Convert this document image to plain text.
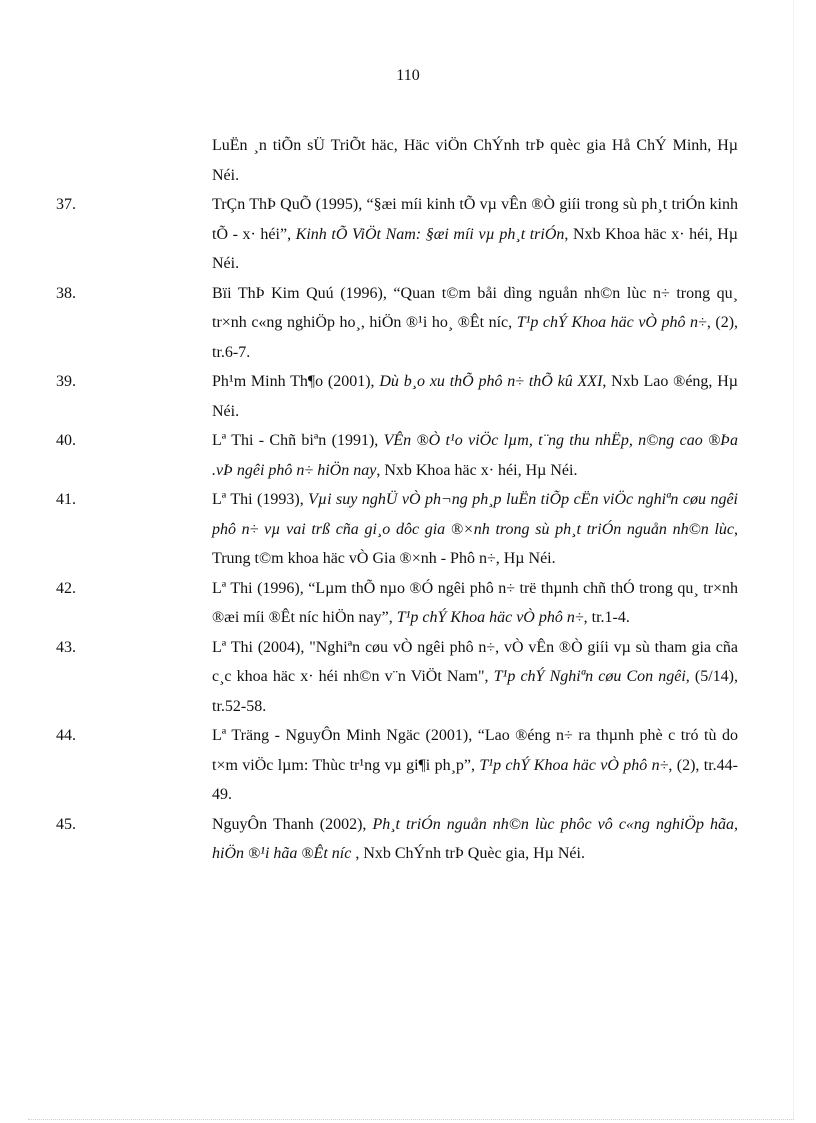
110
LuËn ¸n tiÕn sÜ TriÕt häc, Häc viÖn ChÝnh trÞ quèc gia Hå ChÝ Minh, Hµ Néi.
37.	TrÇn ThÞ QuÕ (1995), “§æi míi kinh tÕ vµ vÊn ®Ò giíi trong sù ph¸t triÓn kinh tÕ - x· héi”, Kinh tÕ ViÖt Nam: §æi míi vµ ph¸t triÓn, Nxb Khoa häc x· héi, Hµ Néi.
38.	Bïi ThÞ Kim Quú (1996), “Quan t©m båi dìng nguån nh©n lùc n÷ trong qu¸ tr×nh c«ng nghiÖp ho¸, hiÖn ®¹i ho¸ ®Êt níc, T¹p chÝ Khoa häc vÒ phô n÷, (2), tr.6-7.
39.	Ph¹m Minh Th¶o (2001), Dù b¸o xu thÕ phô n÷ thÕ kû XXI, Nxb Lao ®éng, Hµ Néi.
40.	Lª Thi - Chñ biªn (1991), VÊn ®Ò t¹o viÖc lµm, t¨ng thu nhËp, n©ng cao ®Þa .vÞ ngêi phô n÷ hiÖn nay, Nxb Khoa häc x· héi, Hµ Néi.
41.	Lª Thi (1993), Vµi suy nghÜ vÒ ph¬ng ph¸p luËn tiÕp cËn viÖc nghiªn cøu ngêi phô n÷ vµ vai trß cña gi¸o dôc gia ®×nh trong sù ph¸t triÓn nguån nh©n lùc, Trung t©m khoa häc vÒ Gia ®×nh - Phô n÷, Hµ Néi.
42.	Lª Thi (1996), “Lµm thÕ nµo ®Ó ngêi phô n÷ trë thµnh chñ thÓ trong qu¸ tr×nh ®æi míi ®Êt níc hiÖn nay”, T¹p chÝ Khoa häc vÒ phô n÷, tr.1-4.
43.	Lª Thi (2004), "Nghiªn cøu vÒ ngêi phô n÷, vÒ vÊn ®Ò giíi vµ sù tham gia cña c¸c khoa häc x· héi nh©n v¨n ViÖt Nam", T¹p chÝ Nghiªn cøu Con ngêi, (5/14), tr.52-58.
44.	Lª Träng - NguyÔn Minh Ngäc (2001), “Lao ®éng n÷ ra thµnh phè c tró tù do t×m viÖc lµm: Thùc tr¹ng vµ gi¶i ph¸p”, T¹p chÝ Khoa häc vÒ phô n÷, (2), tr.44-49.
45.	NguyÔn Thanh (2002), Ph¸t triÓn nguån nh©n lùc phôc vô c«ng nghiÖp hãa, hiÖn ®¹i hãa ®Êt níc , Nxb ChÝnh trÞ Quèc gia, Hµ Néi.
